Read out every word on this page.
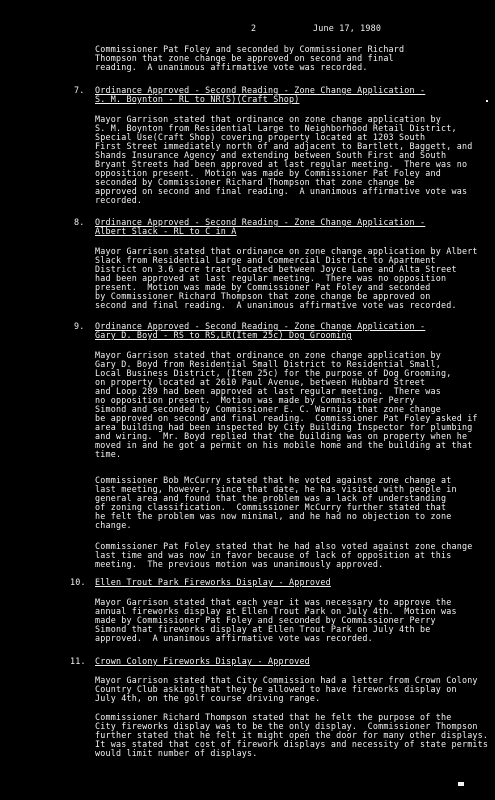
2	June 17, 1980
Commissioner Pat Foley and seconded by Commissioner Richard
Thompson that zone change be approved on second and final
reading.  A unanimous affirmative vote was recorded.
7. Ordinance Approved - Second Reading - Zone Change Application -
S. M. Boynton - RL to NR(S)(Craft Shop)
Mayor Garrison stated that ordinance on zone change application by
S. M. Boynton from Residential Large to Neighborhood Retail District,
Special Use(Craft Shop) covering property located at 1203 South
First Street immediately north of and adjacent to Bartlett, Baggett, and
Shands Insurance Agency and extending between South First and South
Bryant Streets had been approved at last regular meeting.  There was no
opposition present.  Motion was made by Commissioner Pat Foley and
seconded by Commissioner Richard Thompson that zone change be
approved on second and final reading.  A unanimous affirmative vote was
recorded.
8. Ordinance Approved - Second Reading - Zone Change Application -
Albert Slack - RL to C in A
Mayor Garrison stated that ordinance on zone change application by Albert
Slack from Residential Large and Commercial District to Apartment
District on 3.6 acre tract located between Joyce Lane and Alta Street
had been approved at last regular meeting.  There was no opposition
present.  Motion was made by Commissioner Pat Foley and seconded
by Commissioner Richard Thompson that zone change be approved on
second and final reading.  A unanimous affirmative vote was recorded.
9. Ordinance Approved - Second Reading - Zone Change Application -
Gary D. Boyd - RS to RS,LR(Item 25c) Dog Grooming
Mayor Garrison stated that ordinance on zone change application by
Gary D. Boyd from Residential Small District to Residential Small,
Local Business District, (Item 25c) for the purpose of Dog Grooming,
on property located at 2610 Paul Avenue, between Hubbard Street
and Loop 289 had been approved at last regular meeting.  There was
no opposition present.  Motion was made by Commissioner Perry
Simond and seconded by Commissioner E. C. Warning that zone change
be approved on second and final reading.  Commissioner Pat Foley asked if
area building had been inspected by City Building Inspector for plumbing
and wiring.  Mr. Boyd replied that the building was on property when he
moved in and he got a permit on his mobile home and the building at that
time.
Commissioner Bob McCurry stated that he voted against zone change at
last meeting, however, since that date, he has visited with people in
general area and found that the problem was a lack of understanding
of zoning classification.  Commissioner McCurry further stated that
he felt the problem was now minimal, and he had no objection to zone
change.
Commissioner Pat Foley stated that he had also voted against zone change
last time and was now in favor because of lack of opposition at this
meeting.  The previous motion was unanimously approved.
10. Ellen Trout Park Fireworks Display - Approved
Mayor Garrison stated that each year it was necessary to approve the
annual fireworks display at Ellen Trout Park on July 4th.  Motion was
made by Commissioner Pat Foley and seconded by Commissioner Perry
Simond that fireworks display at Ellen Trout Park on July 4th be
approved.  A unanimous affirmative vote was recorded.
11. Crown Colony Fireworks Display - Approved
Mayor Garrison stated that City Commission had a letter from Crown Colony
Country Club asking that they be allowed to have fireworks display on
July 4th, on the golf course driving range.
Commissioner Richard Thompson stated that he felt the purpose of the
City fireworks display was to be the only display.  Commissioner Thompson
further stated that he felt it might open the door for many other displays.
It was stated that cost of firework displays and necessity of state permits
would limit number of displays.
